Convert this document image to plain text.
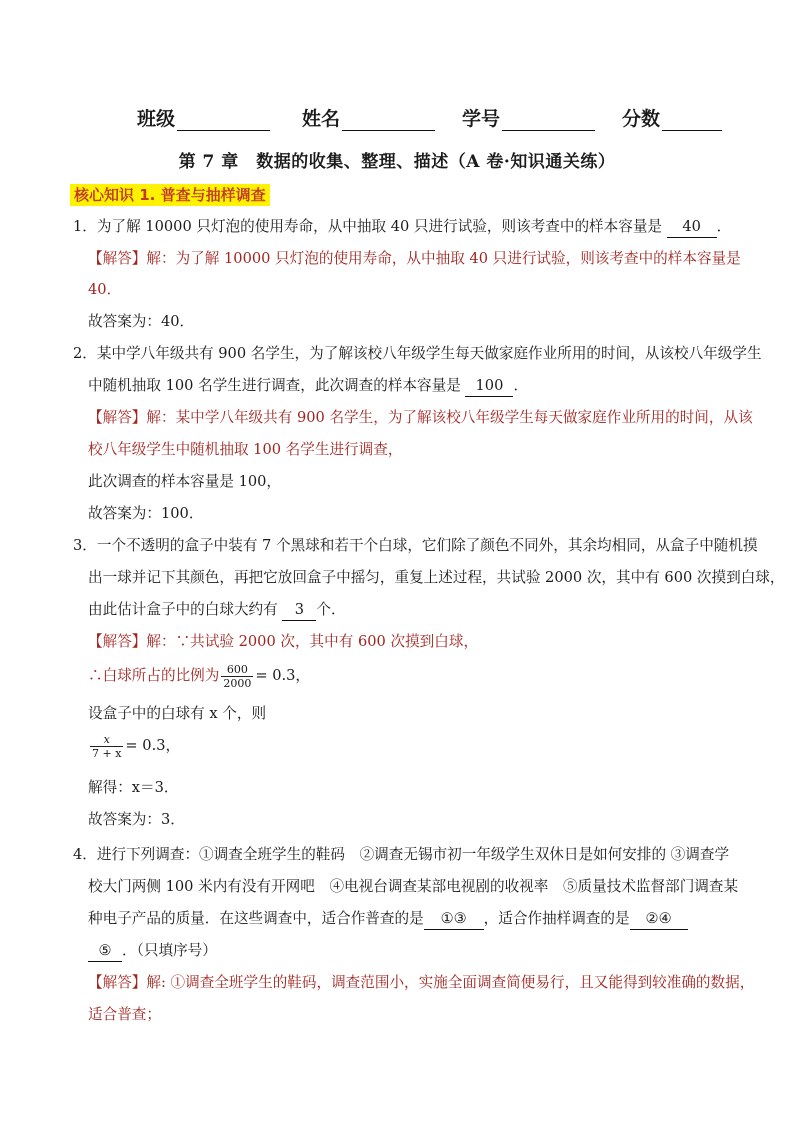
班级	姓名	学号	分数
第 7 章　数据的收集、整理、描述（A 卷·知识通关练）
核心知识 1. 普查与抽样调查
1．为了解 10000 只灯泡的使用寿命，从中抽取 40 只进行试验，则该考查中的样本容量是 40 ．
【解答】解：为了解 10000 只灯泡的使用寿命，从中抽取 40 只进行试验，则该考查中的样本容量是
40．
故答案为：40．
2．某中学八年级共有 900 名学生，为了解该校八年级学生每天做家庭作业所用的时间，从该校八年级学生
中随机抽取 100 名学生进行调查，此次调查的样本容量是 100 ．
【解答】解：某中学八年级共有 900 名学生，为了解该校八年级学生每天做家庭作业所用的时间，从该
校八年级学生中随机抽取 100 名学生进行调查，
此次调查的样本容量是 100，
故答案为：100．
3．一个不透明的盒子中装有 7 个黑球和若干个白球，它们除了颜色不同外，其余均相同，从盒子中随机摸
出一球并记下其颜色，再把它放回盒子中摇匀，重复上述过程，共试验 2000 次，其中有 600 次摸到白球，
由此估计盒子中的白球大约有 3 个．
【解答】解：∵共试验 2000 次，其中有 600 次摸到白球，
∴白球所占的比例为 $\frac{600}{2000} = 0.3$，
设盒子中的白球有 x 个，则
$\frac{x}{7 + x} = 0.3$，
解得：x＝3．
故答案为：3．
4．进行下列调查：①调查全班学生的鞋码　②调查无锡市初一年级学生双休日是如何安排的 ③调查学
校大门两侧 100 米内有没有开网吧　④电视台调查某部电视剧的收视率　⑤质量技术监督部门调查某
种电子产品的质量．在这些调查中，适合作普查的是 ①③ ，适合作抽样调查的是 ②④
⑤ ．（只填序号）
【解答】解: ①调查全班学生的鞋码，调查范围小，实施全面调查简便易行，且又能得到较准确的数据，
适合普查；
